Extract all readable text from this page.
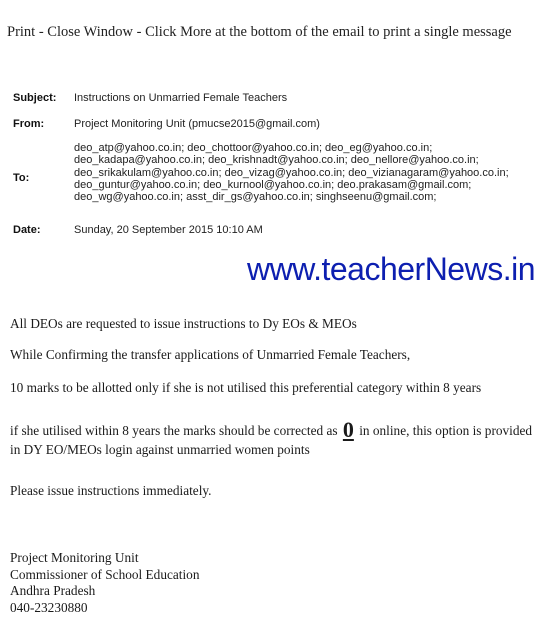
Print - Close Window - Click More at the bottom of the email to print a single message
Subject: Instructions on Unmarried Female Teachers
From:	Project Monitoring Unit (pmucse2015@gmail.com)
To:
deo_atp@yahoo.co.in; deo_chottoor@yahoo.co.in; deo_eg@yahoo.co.in;
deo_kadapa@yahoo.co.in; deo_krishnadt@yahoo.co.in; deo_nellore@yahoo.co.in;
deo_srikakulam@yahoo.co.in; deo_vizag@yahoo.co.in; deo_vizianagaram@yahoo.co.in;
deo_guntur@yahoo.co.in; deo_kurnool@yahoo.co.in; deo.prakasam@gmail.com;
deo_wg@yahoo.co.in; asst_dir_gs@yahoo.co.in; singhseenu@gmail.com;
Date:	Sunday, 20 September 2015 10:10 AM
www.teacherNews.in
All DEOs are requested to issue instructions to Dy EOs & MEOs
While Confirming the transfer applications of Unmarried Female Teachers,
10 marks to be allotted only if she is not utilised this preferential category within 8 years
if she utilised within 8 years the marks should be corrected as 0 in online, this option is provided in DY EO/MEOs login against unmarried women points
Please issue instructions immediately.
Project Monitoring Unit
Commissioner of School Education
Andhra Pradesh
040-23230880
